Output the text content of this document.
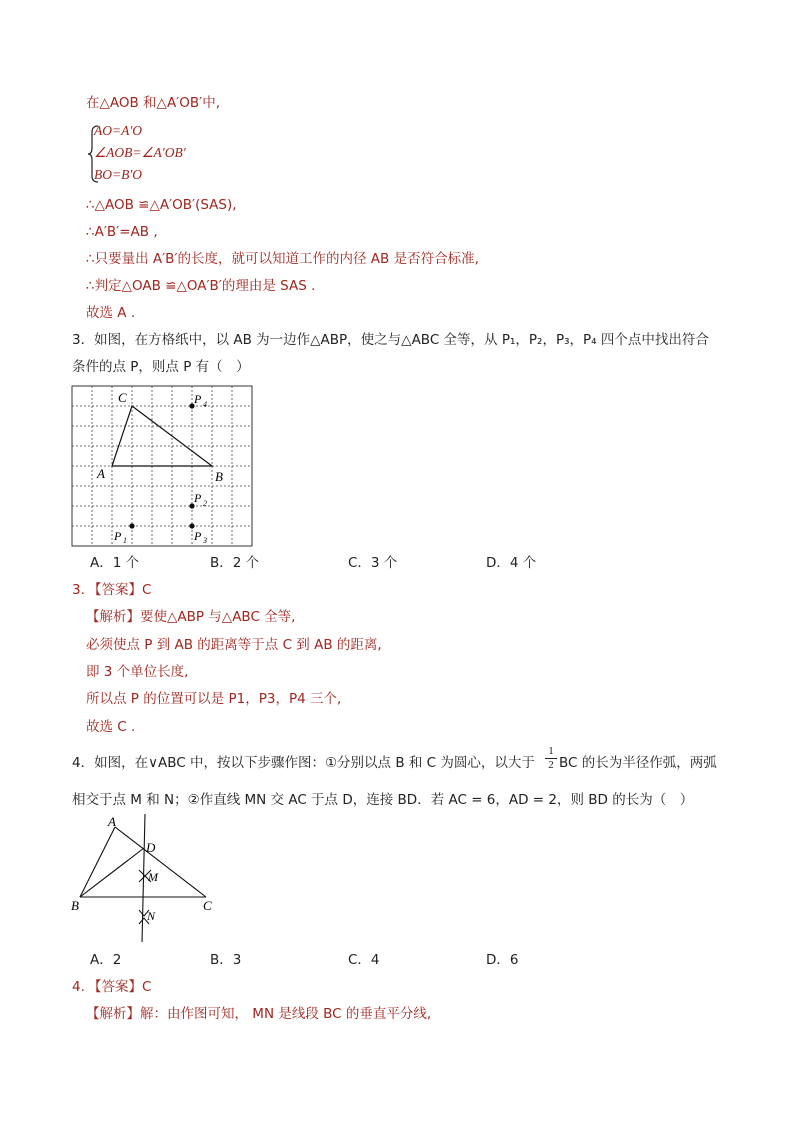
在△AOB 和△A′OB′中,
AO=A′O
∠AOB=∠A′OB′
BO=B′O
∴△AOB ≌△A′OB′(SAS),
∴A′B′=AB ,
∴只要量出 A′B′的长度，就可以知道工作的内径 AB 是否符合标准,
∴判定△OAB ≌△OA′B′的理由是 SAS .
故选 A .
3．如图，在方格纸中，以 AB 为一边作△ABP，使之与△ABC 全等，从 P₁，P₂，P₃，P₄ 四个点中找出符合
条件的点 P，则点 P 有（　）
A	B
C	P 4
P 2
P 3
P 1
A．1 个	B．2 个	C．3 个	D．4 个
3. 【答案】C
【解析】要使△ABP 与△ABC 全等,
必须使点 P 到 AB 的距离等于点 C 到 AB 的距离,
即 3 个单位长度,
所以点 P 的位置可以是 P1，P3，P4 三个,
故选 C .
4．如图，在∨ABC 中，按以下步骤作图：①分别以点 B 和 C 为圆心，以大于
1
2 BC 的长为半径作弧，两弧
相交于点 M 和 N；②作直线 MN 交 AC 于点 D，连接 BD．若 AC = 6，AD = 2，则 BD 的长为（　）
A
B	C
D
M
N
A．2	B．3	C．4	D．6
4. 【答案】C
【解析】解：由作图可知， MN 是线段 BC 的垂直平分线,
